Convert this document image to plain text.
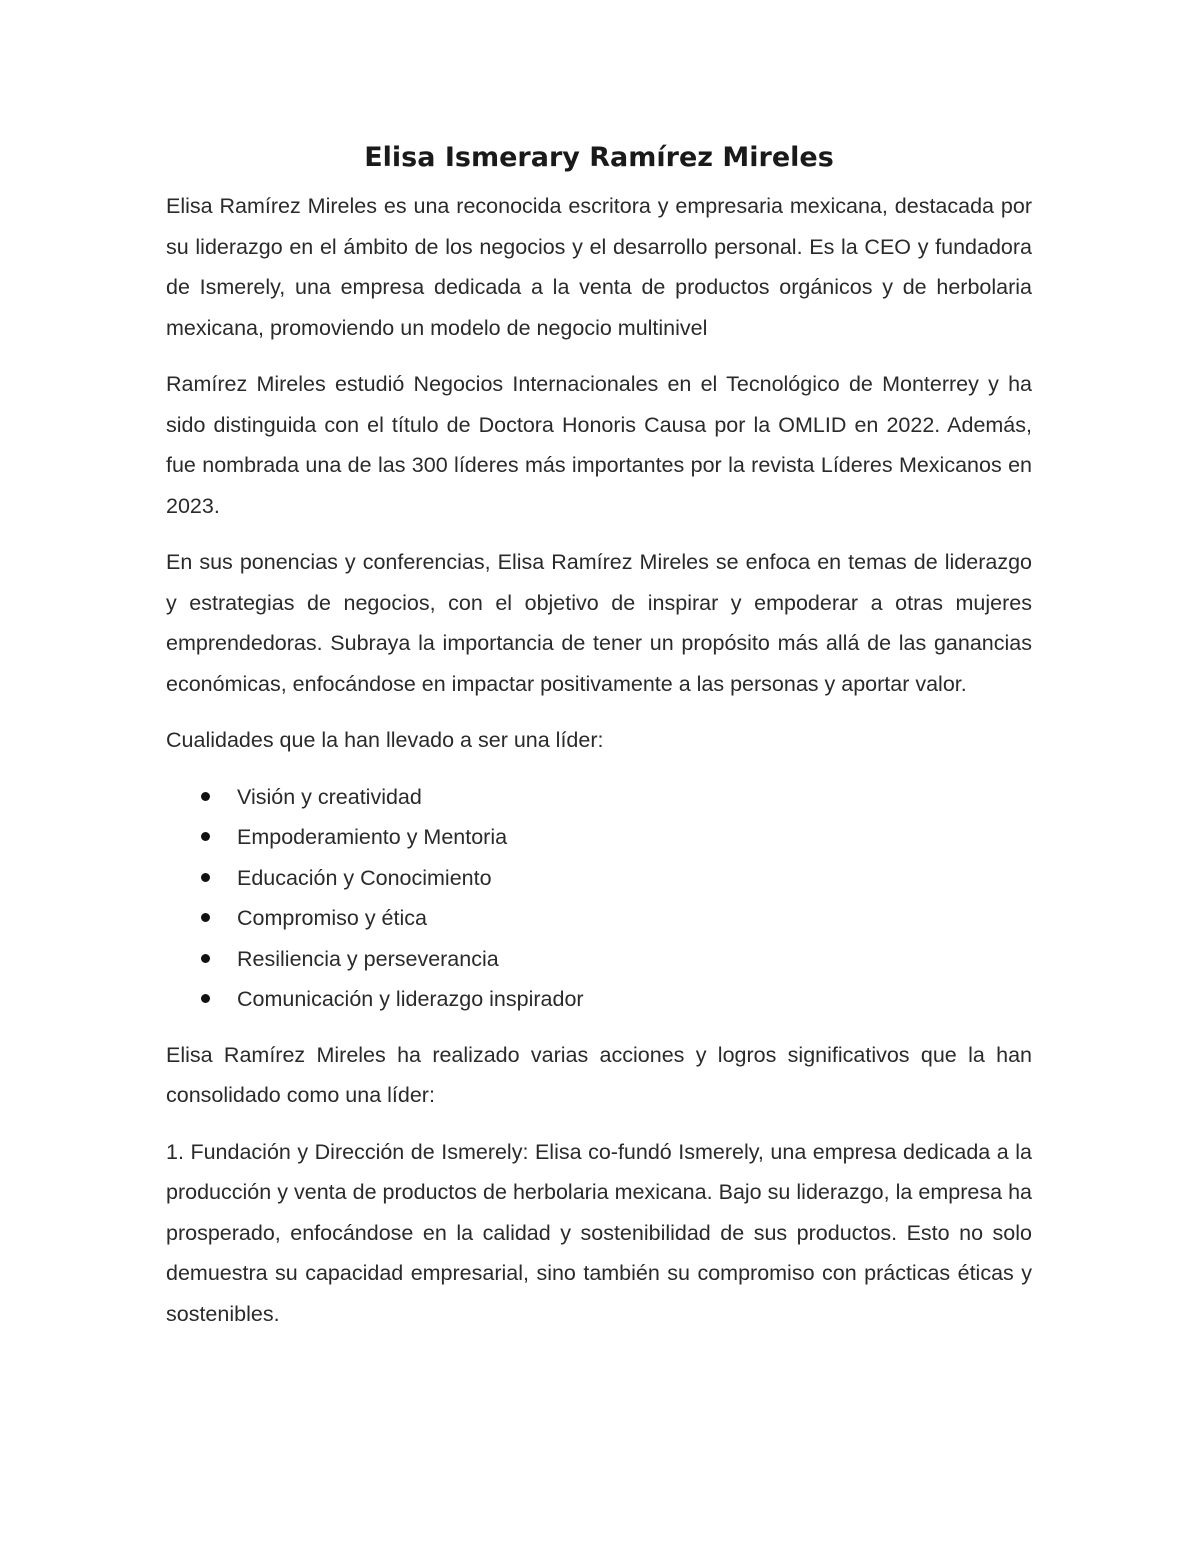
Elisa Ismerary Ramírez Mireles

Elisa Ramírez Mireles es una reconocida escritora y empresaria mexicana, destacada por su liderazgo en el ámbito de los negocios y el desarrollo personal. Es la CEO y fundadora de Ismerely, una empresa dedicada a la venta de productos orgánicos y de herbolaria mexicana, promoviendo un modelo de negocio multinivel

Ramírez Mireles estudió Negocios Internacionales en el Tecnológico de Monterrey y ha sido distinguida con el título de Doctora Honoris Causa por la OMLID en 2022. Además, fue nombrada una de las 300 líderes más importantes por la revista Líderes Mexicanos en 2023.

En sus ponencias y conferencias, Elisa Ramírez Mireles se enfoca en temas de liderazgo y estrategias de negocios, con el objetivo de inspirar y empoderar a otras mujeres emprendedoras. Subraya la importancia de tener un propósito más allá de las ganancias económicas, enfocándose en impactar positivamente a las personas y aportar valor.

Cualidades que la han llevado a ser una líder:

Visión y creatividad
Empoderamiento y Mentoria
Educación y Conocimiento
Compromiso y ética
Resiliencia y perseverancia
Comunicación y liderazgo inspirador

Elisa Ramírez Mireles ha realizado varias acciones y logros significativos que la han consolidado como una líder:

1. Fundación y Dirección de Ismerely: Elisa co-fundó Ismerely, una empresa dedicada a la producción y venta de productos de herbolaria mexicana. Bajo su liderazgo, la empresa ha prosperado, enfocándose en la calidad y sostenibilidad de sus productos. Esto no solo demuestra su capacidad empresarial, sino también su compromiso con prácticas éticas y sostenibles.
